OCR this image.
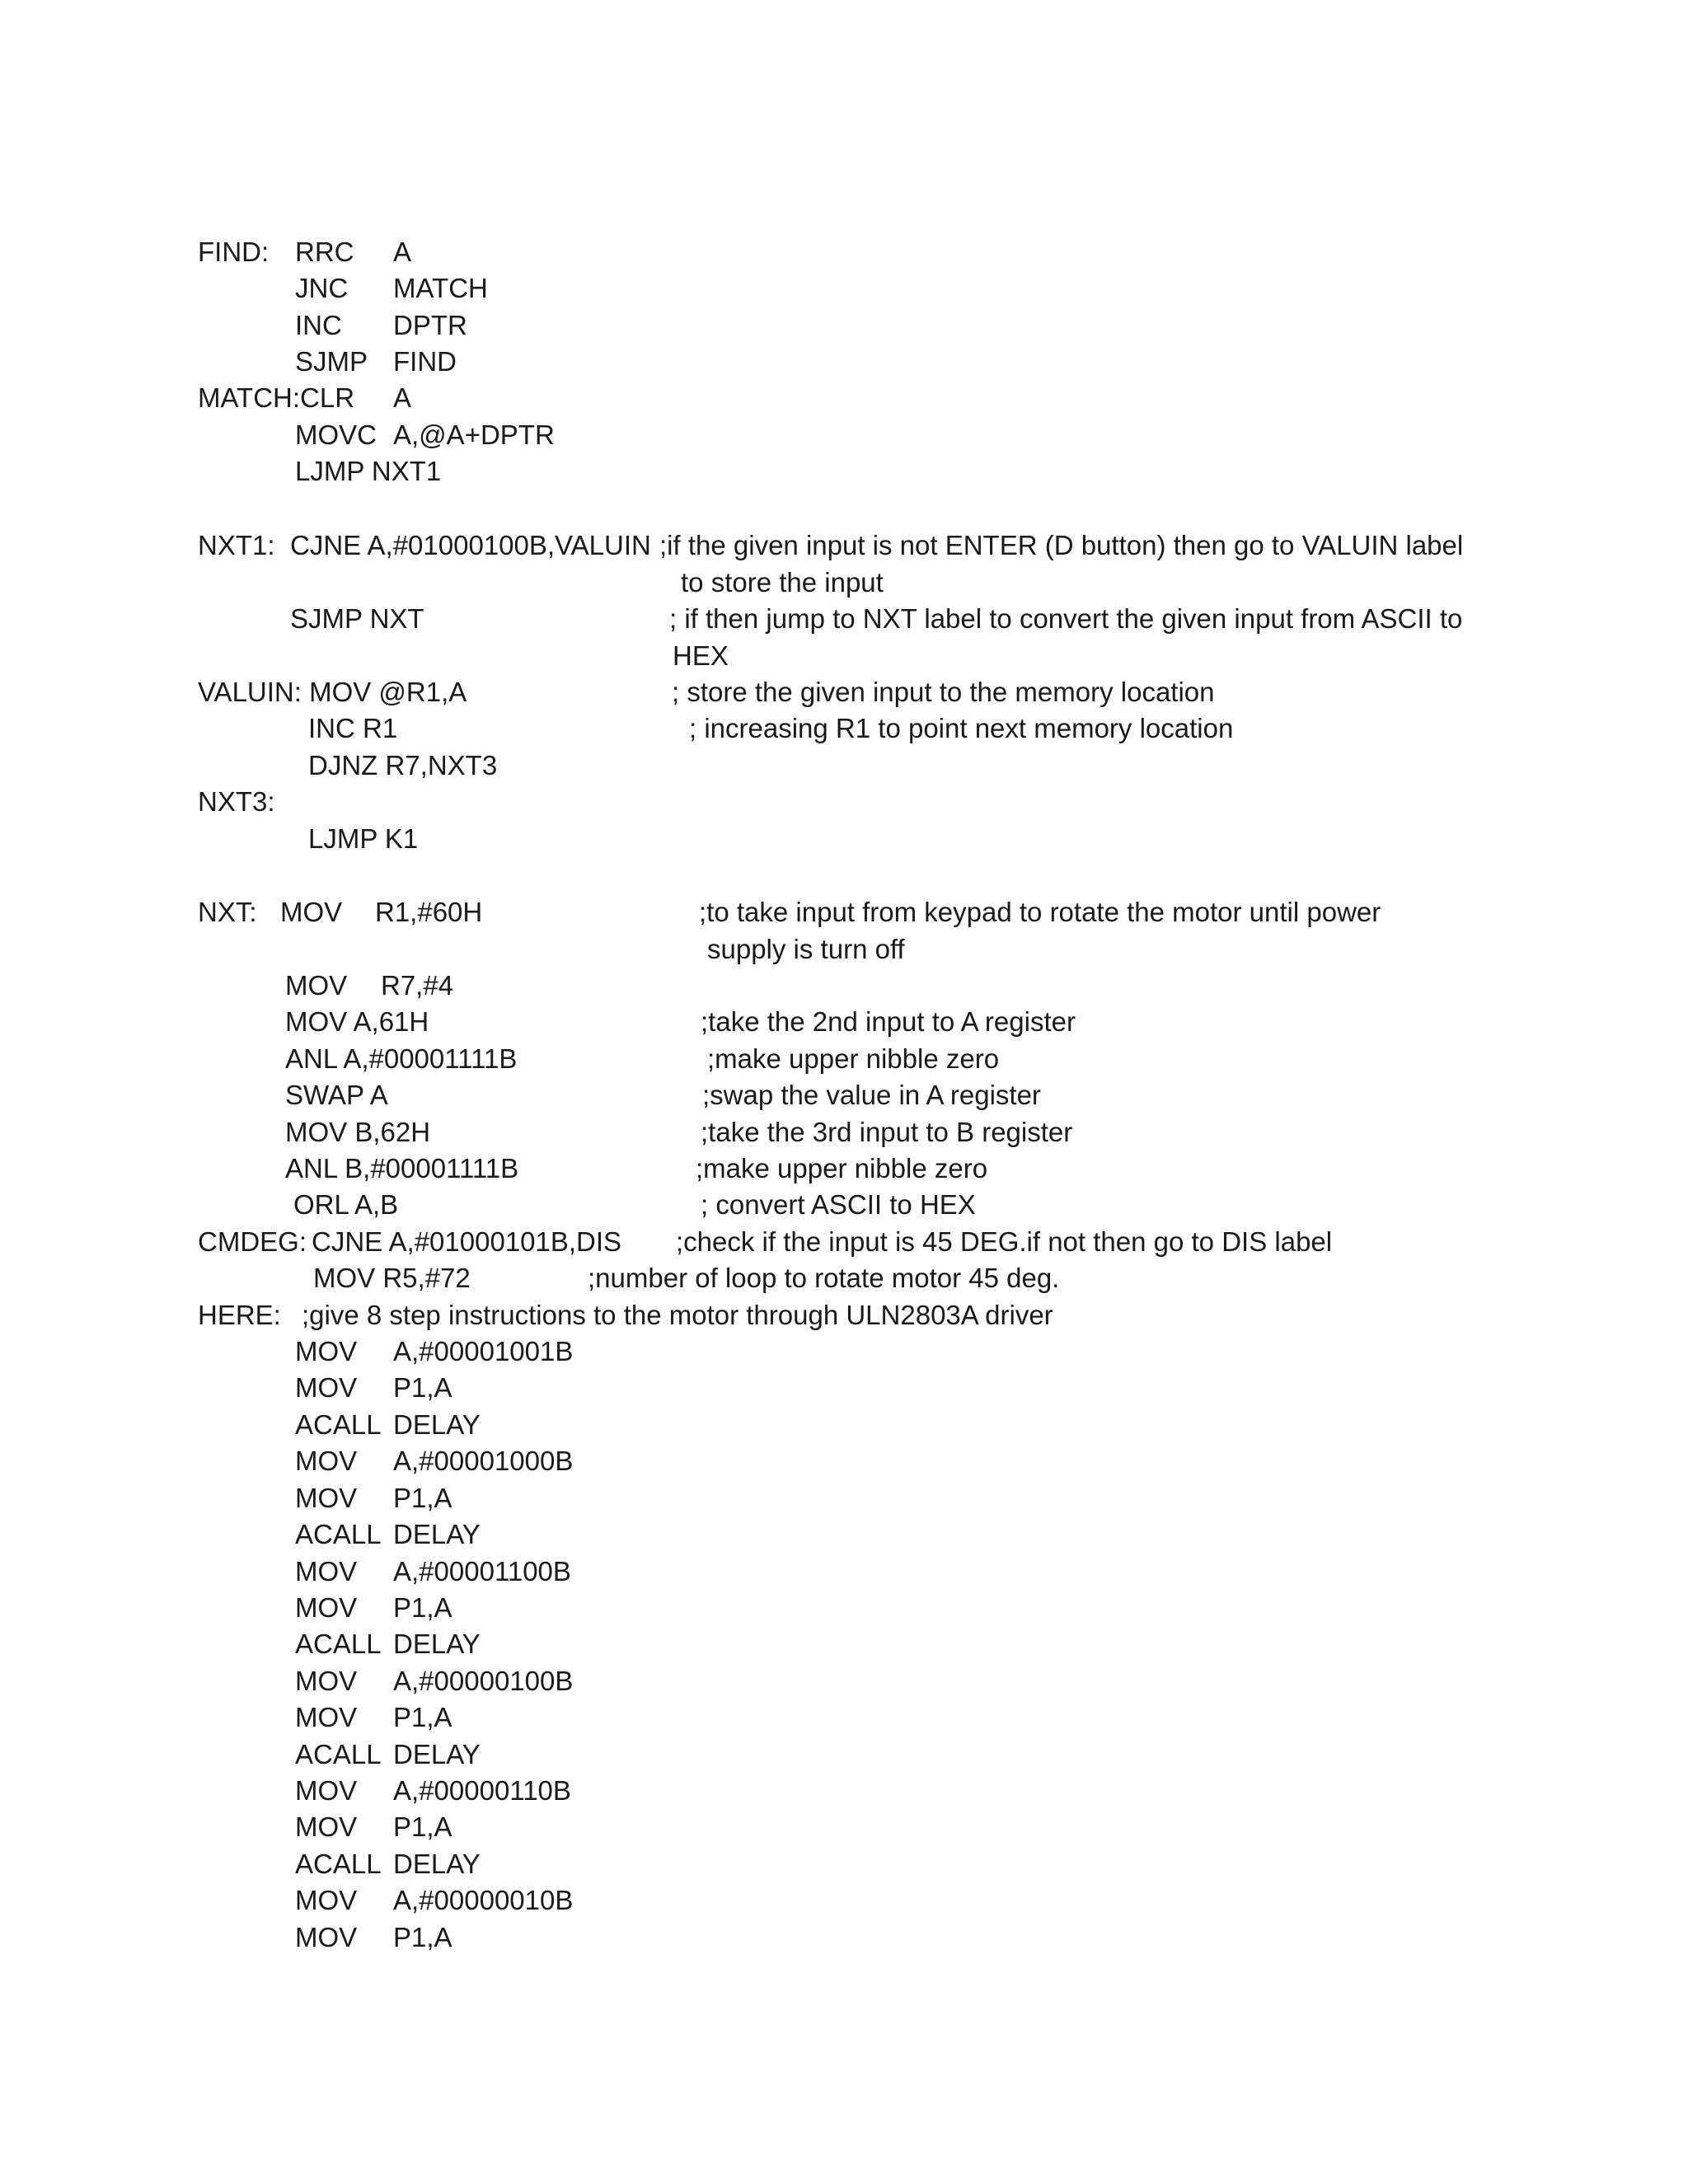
FIND: RRC A
JNC MATCH
INC DPTR
SJMP FIND
MATCH:CLR A
MOVC A,@A+DPTR
LJMP NXT1
NXT1: CJNE A,#01000100B,VALUIN ;if the given input is not ENTER (D button) then go to VALUIN label
to store the input
SJMP NXT	; if then jump to NXT label to convert the given input from ASCII to
HEX
VALUIN: MOV @R1,A	; store the given input to the memory location
INC R1	; increasing R1 to point next memory location
DJNZ R7,NXT3
NXT3:
LJMP K1
NXT: MOV R1,#60H	;to take input from keypad to rotate the motor until power
supply is turn off
MOV R7,#4
MOV A,61H	;take the 2nd input to A register
ANL A,#00001111B	;make upper nibble zero
SWAP A	;swap the value in A register
MOV B,62H	;take the 3rd input to B register
ANL B,#00001111B	;make upper nibble zero
ORL A,B	; convert ASCII to HEX
CMDEG: CJNE A,#01000101B,DIS ;check if the input is 45 DEG.if not then go to DIS label
MOV R5,#72	;number of loop to rotate motor 45 deg.
HERE: ;give 8 step instructions to the motor through ULN2803A driver
MOV A,#00001001B
MOV P1,A
ACALL DELAY
MOV A,#00001000B
MOV P1,A
ACALL DELAY
MOV A,#00001100B
MOV P1,A
ACALL DELAY
MOV A,#00000100B
MOV P1,A
ACALL DELAY
MOV A,#00000110B
MOV P1,A
ACALL DELAY
MOV A,#00000010B
MOV P1,A
